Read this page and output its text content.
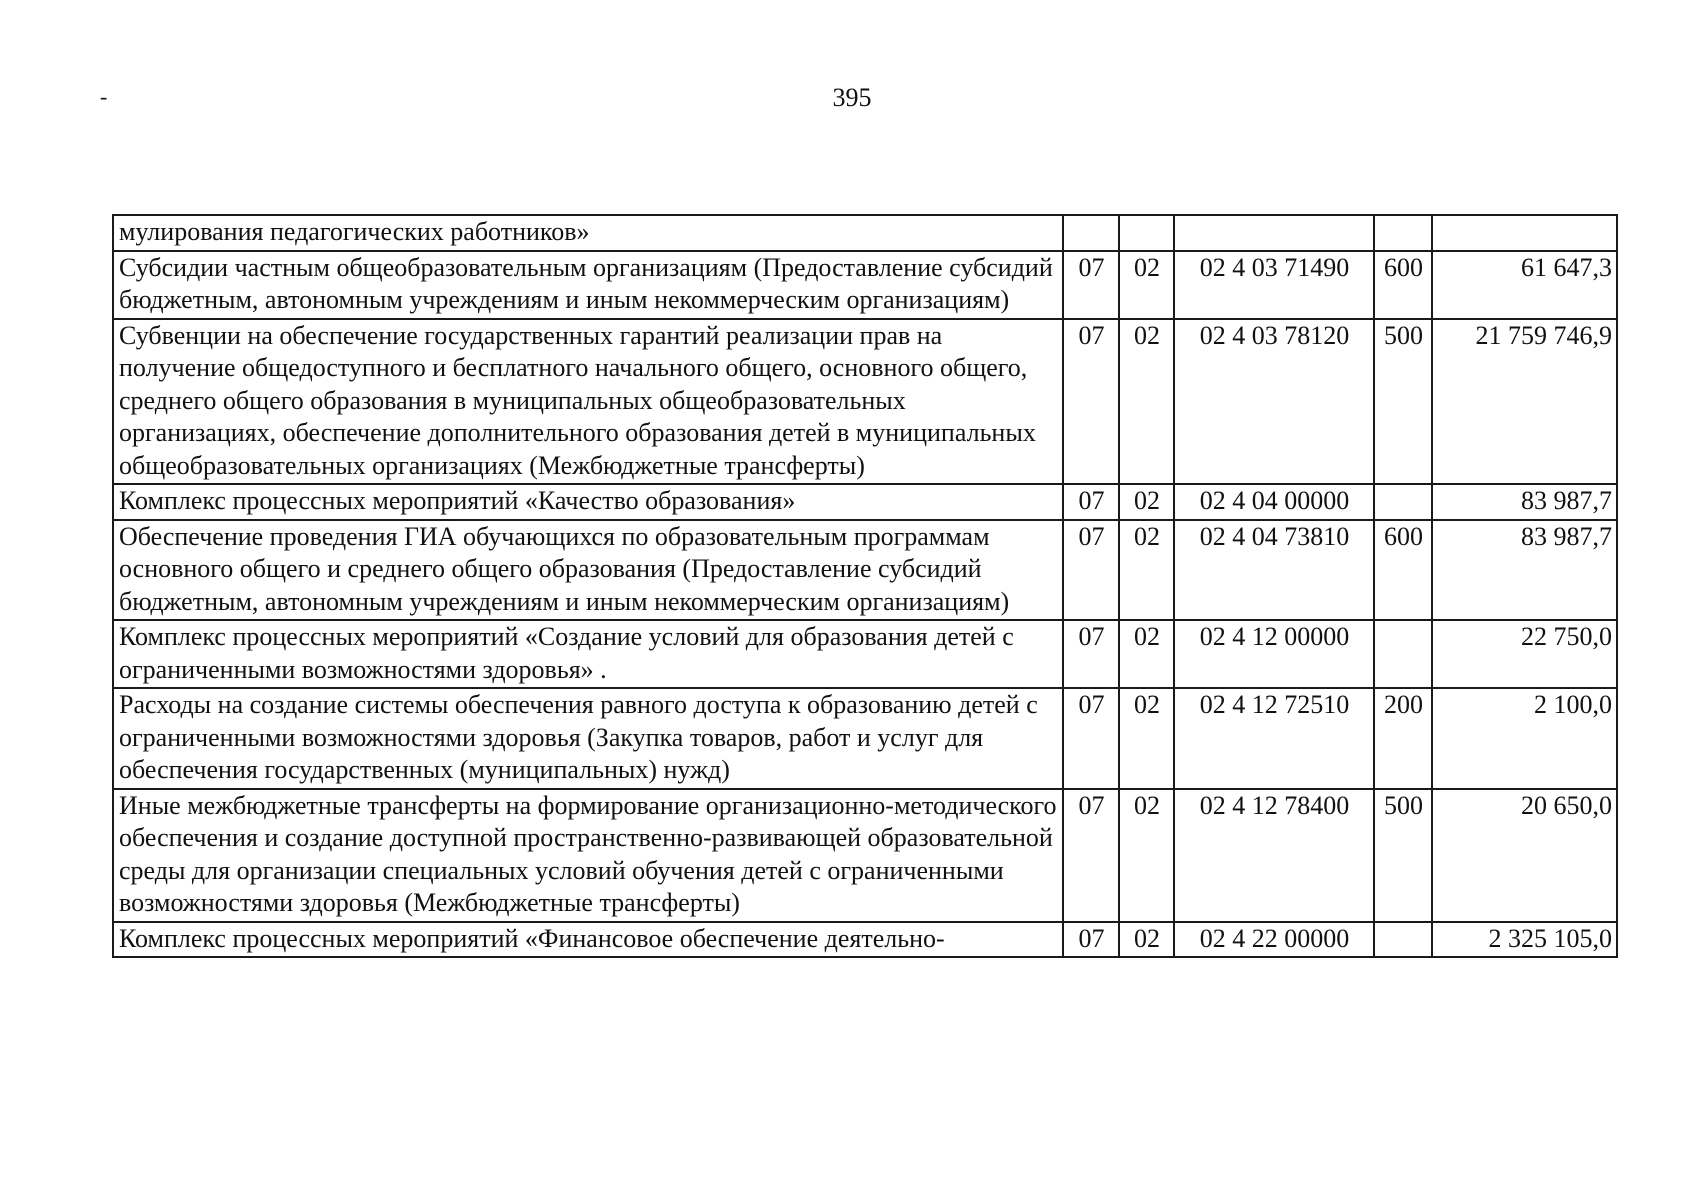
-	395
мулирования педагогических работников»					
Субсидии частным общеобразовательным организациям (Предоставление субсидий бюджетным, автономным учреждениям и иным некоммерческим организациям)	07	02	02 4 03 71490	600	61 647,3
Субвенции на обеспечение государственных гарантий реализации прав на получение общедоступного и бесплатного начального общего, основного общего, среднего общего образования в муниципальных общеобразовательных организациях, обеспечение дополнительного образования детей в муниципальных общеобразовательных организациях (Межбюджетные трансферты)	07	02	02 4 03 78120	500	21 759 746,9
Комплекс процессных мероприятий «Качество образования»	07	02	02 4 04 00000		83 987,7
Обеспечение проведения ГИА обучающихся по образовательным программам основного общего и среднего общего образования (Предоставление субсидий бюджетным, автономным учреждениям и иным некоммерческим организациям)	07	02	02 4 04 73810	600	83 987,7
Комплекс процессных мероприятий «Создание условий для образования детей с ограниченными возможностями здоровья» .	07	02	02 4 12 00000		22 750,0
Расходы на создание системы обеспечения равного доступа к образованию детей с ограниченными возможностями здоровья (Закупка товаров, работ и услуг для обеспечения государственных (муниципальных) нужд)	07	02	02 4 12 72510	200	2 100,0
Иные межбюджетные трансферты на формирование организационно-методического обеспечения и создание доступной пространственно-развивающей образовательной среды для организации специальных условий обучения детей с ограниченными возможностями здоровья (Межбюджетные трансферты)	07	02	02 4 12 78400	500	20 650,0
Комплекс процессных мероприятий «Финансовое обеспечение деятельно-	07	02	02 4 22 00000		2 325 105,0
